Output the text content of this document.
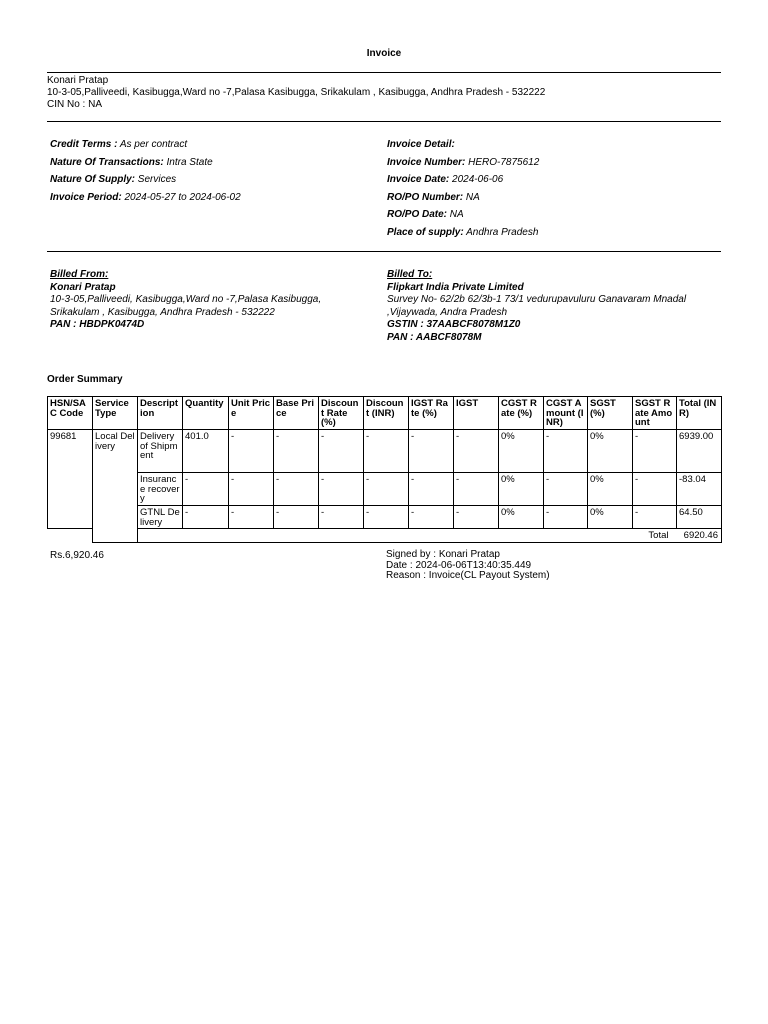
Invoice
Konari Pratap
10-3-05,Palliveedi, Kasibugga,Ward no -7,Palasa Kasibugga, Srikakulam , Kasibugga, Andhra Pradesh - 532222
CIN No : NA
Credit Terms : As per contract
Nature Of Transactions: Intra State
Nature Of Supply: Services
Invoice Period: 2024-05-27 to 2024-06-02
Invoice Detail:
Invoice Number: HERO-7875612
Invoice Date: 2024-06-06
RO/PO Number: NA
RO/PO Date: NA
Place of supply: Andhra Pradesh
Billed From:
Konari Pratap
10-3-05,Palliveedi, Kasibugga,Ward no -7,Palasa Kasibugga,
Srikakulam , Kasibugga, Andhra Pradesh - 532222
PAN : HBDPK0474D
Billed To:
Flipkart India Private Limited
Survey No- 62/2b 62/3b-1 73/1 vedurupavuluru Ganavaram Mnadal
,Vijaywada, Andra Pradesh
GSTIN : 37AABCF8078M1Z0
PAN : AABCF8078M
Order Summary
HSN/SAC Code	Service Type	Description	Quantity	Unit Price	Base Price	Discount Rate (%)	Discount (INR)	IGST Rate (%)	IGST	CGST Rate (%)	CGST Amount (INR)	SGST (%)	SGST Rate Amount	Total (INR)
99681	Local Delivery	Delivery of Shipment	401.0	-	-	-	-	-	-	0%	-	0%	-	6939.00
		Insurance recovery	-	-	-	-	-	-	-	0%	-	0%	-	-83.04
		GTNL Delivery	-	-	-	-	-	-	-	0%	-	0%	-	64.50
		Total												6920.46
Rs.6,920.46	Signed by : Konari Pratap
Date : 2024-06-06T13:40:35.449
Reason : Invoice(CL Payout System)
